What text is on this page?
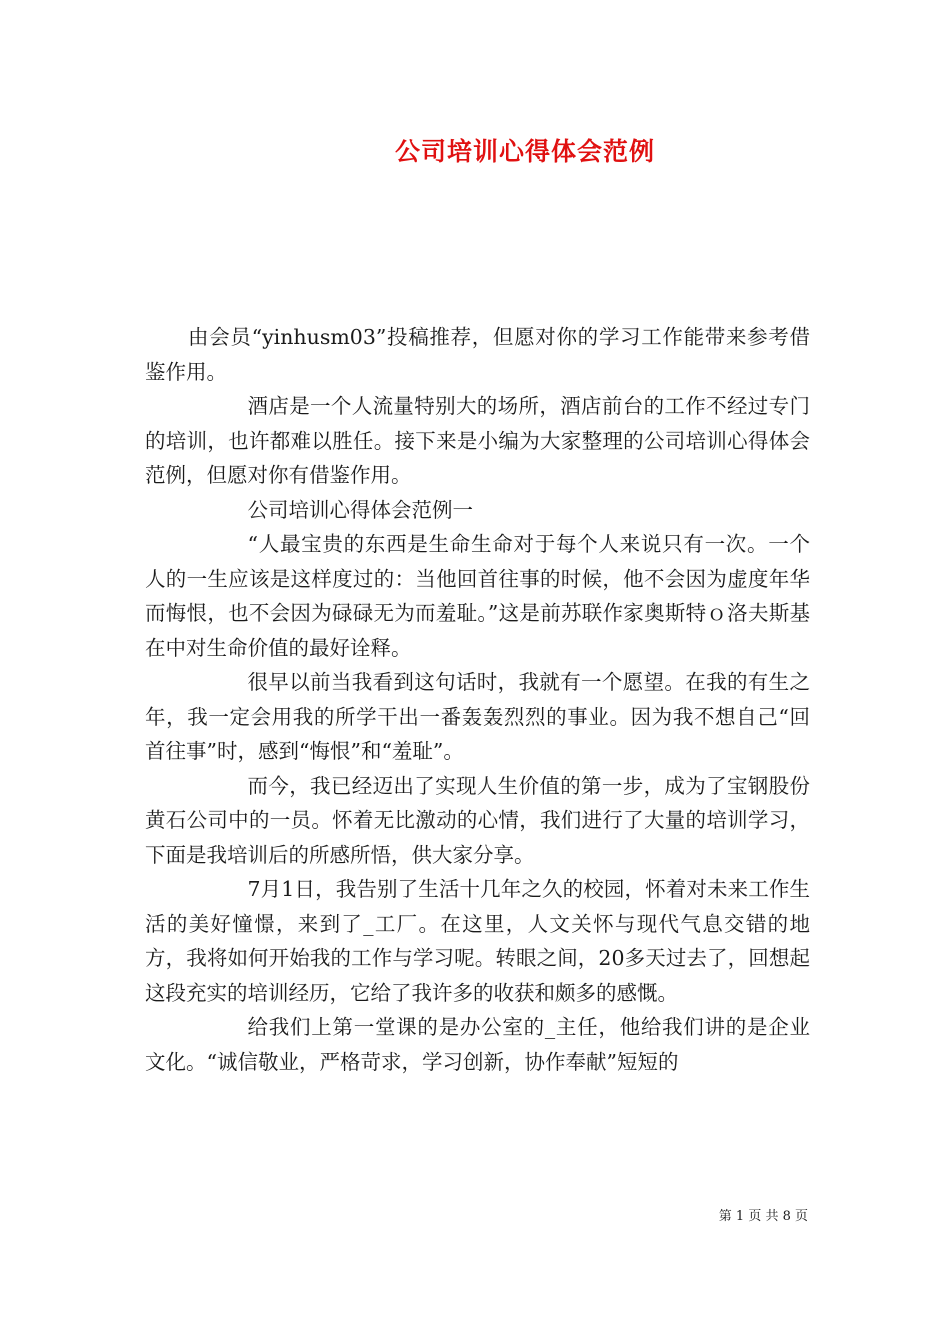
公司培训心得体会范例

由会员“yinhusm03”投稿推荐，但愿对你的学习工作能带来参考借鉴作用。

酒店是一个人流量特别大的场所，酒店前台的工作不经过专门的培训，也许都难以胜任。接下来是小编为大家整理的公司培训心得体会范例，但愿对你有借鉴作用。

公司培训心得体会范例一

“人最宝贵的东西是生命生命对于每个人来说只有一次。一个人的一生应该是这样度过的：当他回首往事的时候，他不会因为虚度年华而悔恨，也不会因为碌碌无为而羞耻。”这是前苏联作家奥斯特ｏ洛夫斯基在中对生命价值的最好诠释。

很早以前当我看到这句话时，我就有一个愿望。在我的有生之年，我一定会用我的所学干出一番轰轰烈烈的事业。因为我不想自己“回首往事”时，感到“悔恨”和“羞耻”。

而今，我已经迈出了实现人生价值的第一步，成为了宝钢股份黄石公司中的一员。怀着无比激动的心情，我们进行了大量的培训学习，下面是我培训后的所感所悟，供大家分享。

7月1日，我告别了生活十几年之久的校园，怀着对未来工作生活的美好憧憬，来到了_工厂。在这里，人文关怀与现代气息交错的地方，我将如何开始我的工作与学习呢。转眼之间，20多天过去了，回想起这段充实的培训经历，它给了我许多的收获和颇多的感慨。

给我们上第一堂课的是办公室的_主任，他给我们讲的是企业文化。“诚信敬业，严格苛求，学习创新，协作奉献”短短的

第 1 页 共 8 页
